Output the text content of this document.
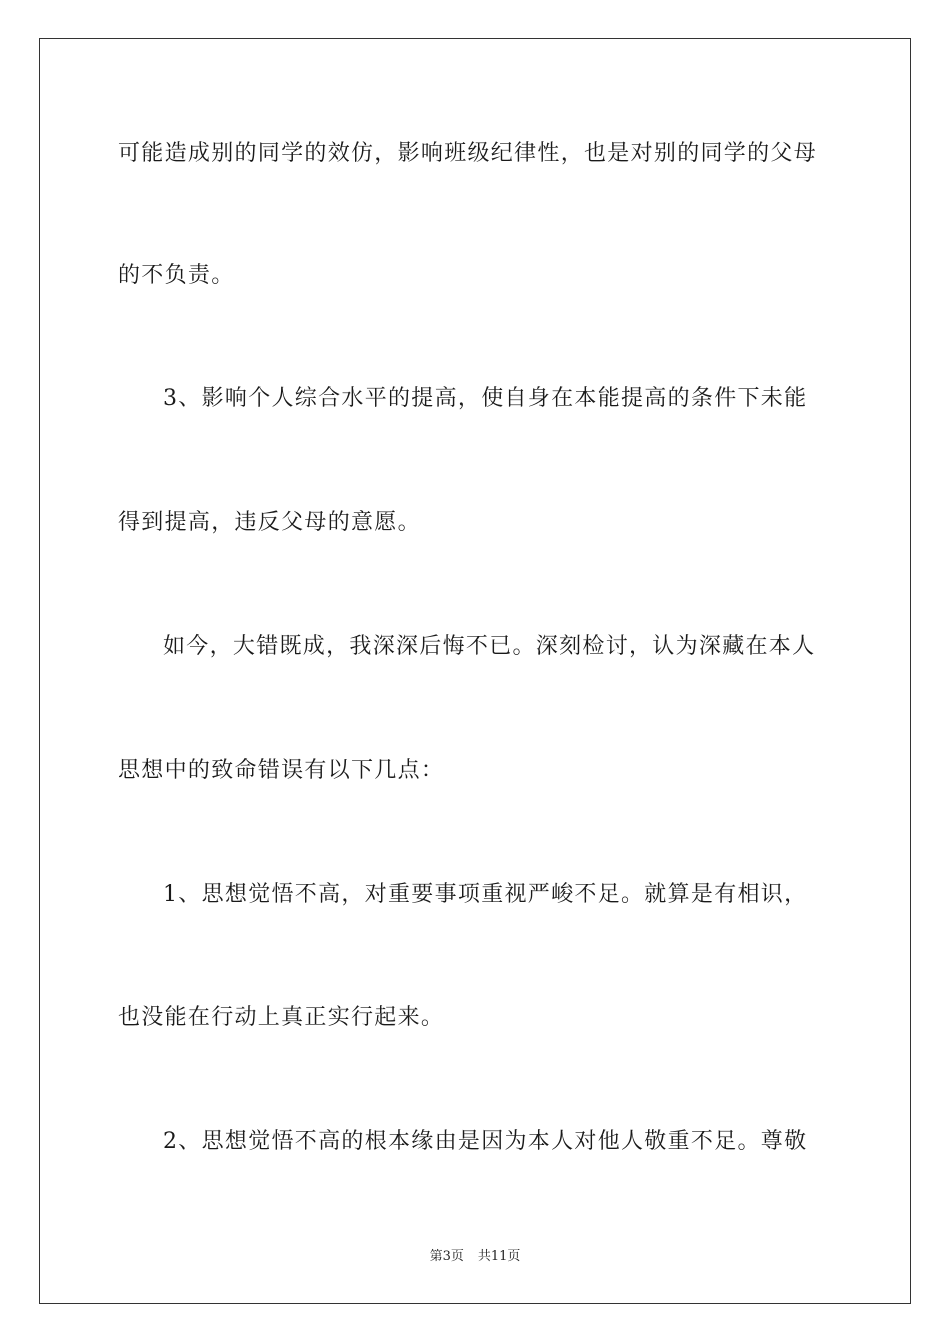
可能造成别的同学的效仿，影响班级纪律性，也是对别的同学的父母
的不负责。
3、影响个人综合水平的提高，使自身在本能提高的条件下未能
得到提高，违反父母的意愿。
如今，大错既成，我深深后悔不已。深刻检讨，认为深藏在本人
思想中的致命错误有以下几点：
1、思想觉悟不高，对重要事项重视严峻不足。就算是有相识，
也没能在行动上真正实行起来。
2、思想觉悟不高的根本缘由是因为本人对他人敬重不足。尊敬
第3页 共11页
